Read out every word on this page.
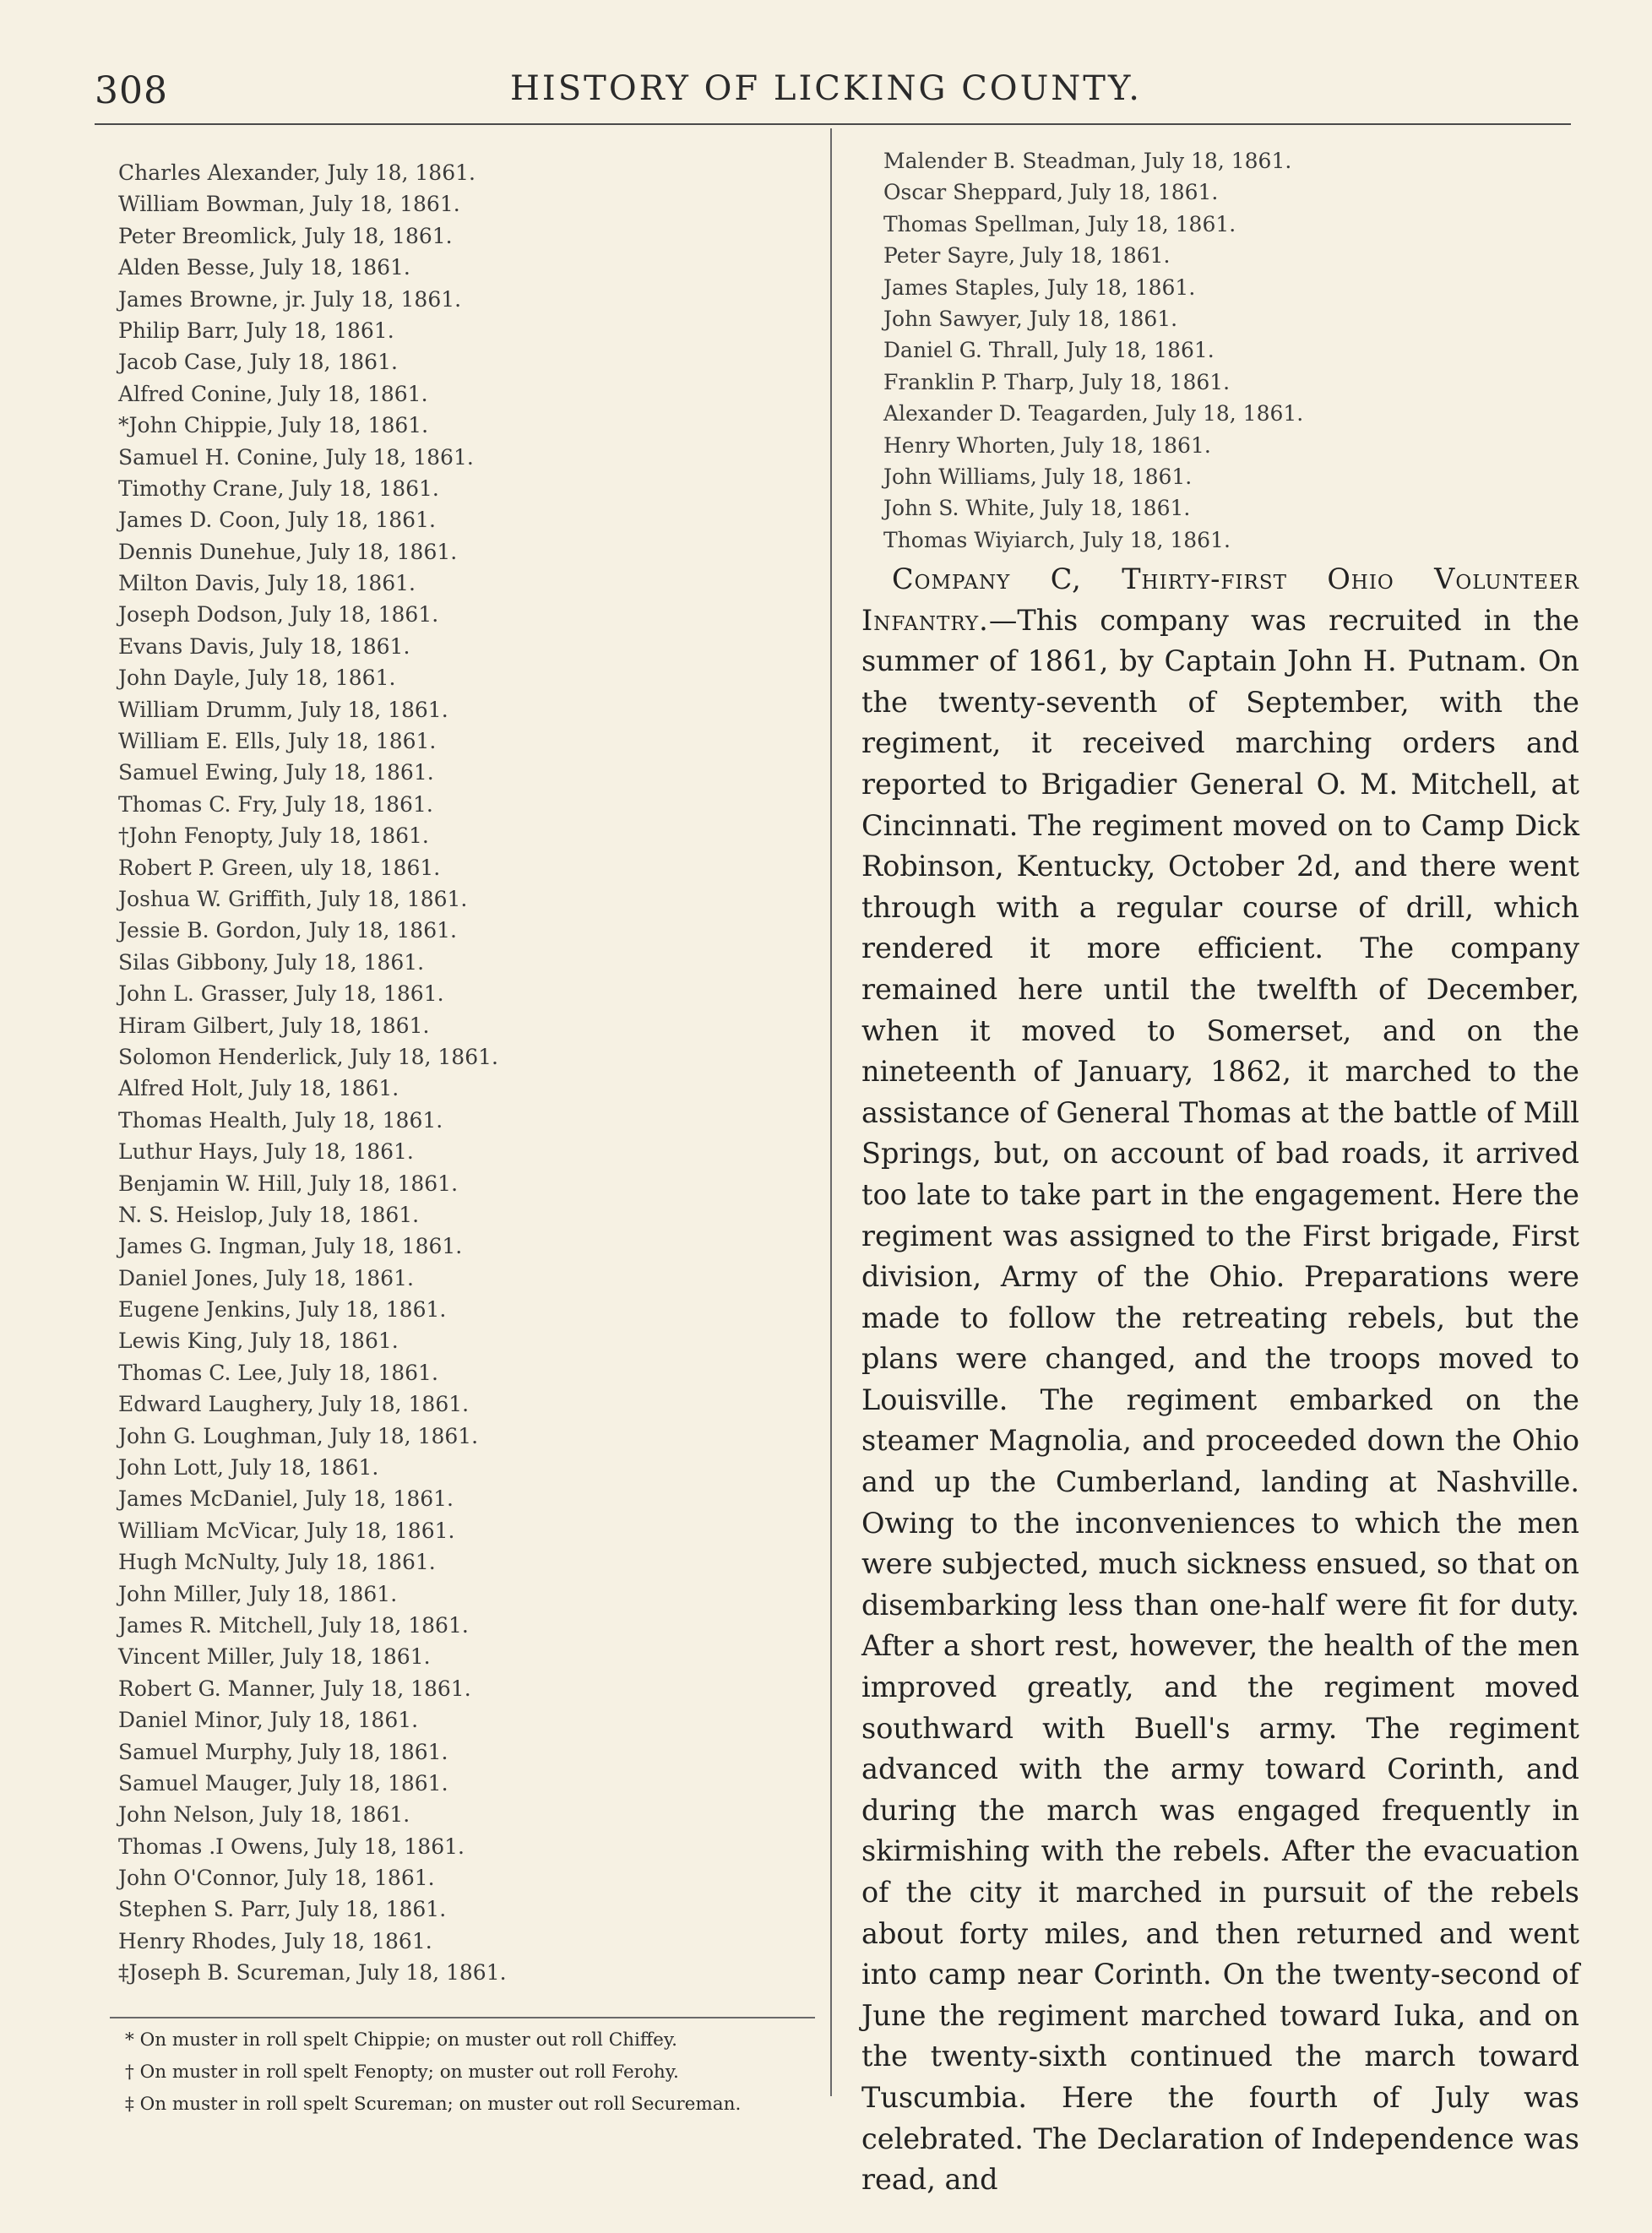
308	HISTORY OF LICKING COUNTY.
Charles Alexander, July 18, 1861.
William Bowman, July 18, 1861.
Peter Breomlick, July 18, 1861.
Alden Besse, July 18, 1861.
James Browne, jr. July 18, 1861.
Philip Barr, July 18, 1861.
Jacob Case, July 18, 1861.
Alfred Conine, July 18, 1861.
*John Chippie, July 18, 1861.
Samuel H. Conine, July 18, 1861.
Timothy Crane, July 18, 1861.
James D. Coon, July 18, 1861.
Dennis Dunehue, July 18, 1861.
Milton Davis, July 18, 1861.
Joseph Dodson, July 18, 1861.
Evans Davis, July 18, 1861.
John Dayle, July 18, 1861.
William Drumm, July 18, 1861.
William E. Ells, July 18, 1861.
Samuel Ewing, July 18, 1861.
Thomas C. Fry, July 18, 1861.
†John Fenopty, July 18, 1861.
Robert P. Green, uly 18, 1861.
Joshua W. Griffith, July 18, 1861.
Jessie B. Gordon, July 18, 1861.
Silas Gibbony, July 18, 1861.
John L. Grasser, July 18, 1861.
Hiram Gilbert, July 18, 1861.
Solomon Henderlick, July 18, 1861.
Alfred Holt, July 18, 1861.
Thomas Health, July 18, 1861.
Luthur Hays, July 18, 1861.
Benjamin W. Hill, July 18, 1861.
N. S. Heislop, July 18, 1861.
James G. Ingman, July 18, 1861.
Daniel Jones, July 18, 1861.
Eugene Jenkins, July 18, 1861.
Lewis King, July 18, 1861.
Thomas C. Lee, July 18, 1861.
Edward Laughery, July 18, 1861.
John G. Loughman, July 18, 1861.
John Lott, July 18, 1861.
James McDaniel, July 18, 1861.
William McVicar, July 18, 1861.
Hugh McNulty, July 18, 1861.
John Miller, July 18, 1861.
James R. Mitchell, July 18, 1861.
Vincent Miller, July 18, 1861.
Robert G. Manner, July 18, 1861.
Daniel Minor, July 18, 1861.
Samuel Murphy, July 18, 1861.
Samuel Mauger, July 18, 1861.
John Nelson, July 18, 1861.
Thomas .I Owens, July 18, 1861.
John O'Connor, July 18, 1861.
Stephen S. Parr, July 18, 1861.
Henry Rhodes, July 18, 1861.
‡Joseph B. Scureman, July 18, 1861.
* On muster in roll spelt Chippie; on muster out roll Chiffey.
† On muster in roll spelt Fenopty; on muster out roll Ferohy.
‡ On muster in roll spelt Scureman; on muster out roll Secureman.
Malender B. Steadman, July 18, 1861.
Oscar Sheppard, July 18, 1861.
Thomas Spellman, July 18, 1861.
Peter Sayre, July 18, 1861.
James Staples, July 18, 1861.
John Sawyer, July 18, 1861.
Daniel G. Thrall, July 18, 1861.
Franklin P. Tharp, July 18, 1861.
Alexander D. Teagarden, July 18, 1861.
Henry Whorten, July 18, 1861.
John Williams, July 18, 1861.
John S. White, July 18, 1861.
Thomas Wiyiarch, July 18, 1861.

Company C, Thirty-first Ohio Volunteer Infantry.—This company was recruited in the summer of 1861, by Captain John H. Putnam. On the twenty-seventh of September, with the regiment, it received marching orders and reported to Brigadier General O. M. Mitchell, at Cincinnati. The regiment moved on to Camp Dick Robinson, Kentucky, October 2d, and there went through with a regular course of drill, which rendered it more efficient. The company remained here until the twelfth of December, when it moved to Somerset, and on the nineteenth of January, 1862, it marched to the assistance of General Thomas at the battle of Mill Springs, but, on account of bad roads, it arrived too late to take part in the engagement. Here the regiment was assigned to the First brigade, First division, Army of the Ohio. Preparations were made to follow the retreating rebels, but the plans were changed, and the troops moved to Louisville. The regiment embarked on the steamer Magnolia, and proceeded down the Ohio and up the Cumberland, landing at Nashville. Owing to the inconveniences to which the men were subjected, much sickness ensued, so that on disembarking less than one-half were fit for duty. After a short rest, however, the health of the men improved greatly, and the regiment moved southward with Buell's army. The regiment advanced with the army toward Corinth, and during the march was engaged frequently in skirmishing with the rebels. After the evacuation of the city it marched in pursuit of the rebels about forty miles, and then returned and went into camp near Corinth. On the twenty-second of June the regiment marched toward Iuka, and on the twenty-sixth continued the march toward Tuscumbia. Here the fourth of July was celebrated. The Declaration of Independence was read, and
